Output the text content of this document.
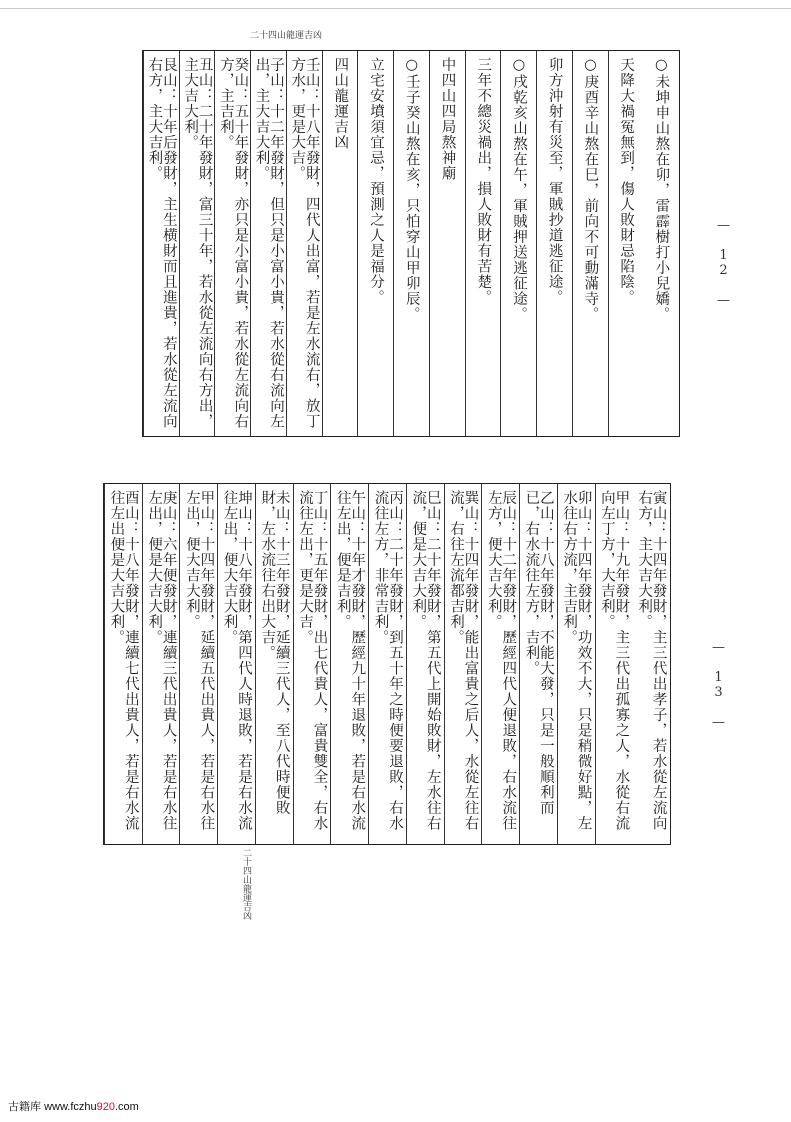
二十四山龍運吉凶
○未坤申山熬在卯，雷霹樹打小兒嬌。
天降大禍冤無到，傷人敗財忌陷陰。
○庚酉辛山熬在巳，前向不可動滿寺。
卯方沖射有災至，軍賊抄道逃征途。
○戌乾亥山熬在午，軍賊押送逃征途。
三年不總災禍出，損人敗財有苦楚。
中四山四局熬神廟
○壬子癸山熬在亥，只怕穿山甲卯辰。
立宅安墳須宜忌，預測之人是福分。
四山龍運吉凶
壬山：十八年發財，四代人出富，若是左水流右，放丁方水，更是大吉。
子山：十二年發財，但只是小富小貴，若水從右流向左出，主大吉大利。
癸山：五十年發財，亦只是小富小貴，若水從左流向右方，主吉利。
丑山：二十年發財，富三十年，若水從左流向右方出，主大吉大利。
艮山：十年后發財，主生横財而且進貴，若水從左流向右方，主大吉利。
— 12 —
寅山：十四年發財，主三代出孝子，若水從左流向右方，主大吉大利。
甲山：十九年發財，主三代出孤寡之人，水從右流向左丁方，大吉利。
卯山：十四年發財，功效不大，只是稍微好點，左水往右方流，主吉利。
乙山：十八年發財，不能大發，只是一般順利而已，右水流往左方，吉利。
辰山：十二年發財，歷經四代人便退敗，右水流往左方，便大吉大利。
巽山：十四年發財，能出富貴之后人，水從左往右流，右往左流都吉利。
巳山：二十年發財，第五代上開始敗財，左水往右流，便是大吉大利。
丙山：二十年發財，到五十年之時便要退敗，右水流往左方，非常吉利。
午山：十年才發財，歷經九十年退敗，若是右水流往左出，便是吉利。
丁山：十五年發財，出七代貴人，富貴雙全，右水流往左出，更是大吉。
未山：十三年發財，延續三代人，至八代時便敗財，左水流往右出大吉。
坤山：十八年發財，第四代人時退敗，若是右水流往左出，便大吉大利。
甲山：十四年發財，延續五代出貴人，若是右水往左出，便大吉大利。
庚山：六年便發財，連續三代出貴人，若是右水往左出，便是大吉大利。
酉山：十八年發財，連續七代出貴人，若是右水流往左出便是大吉大利。
— 13 —
二十四山龍運吉凶
古籍库 www.fczhu920.com
